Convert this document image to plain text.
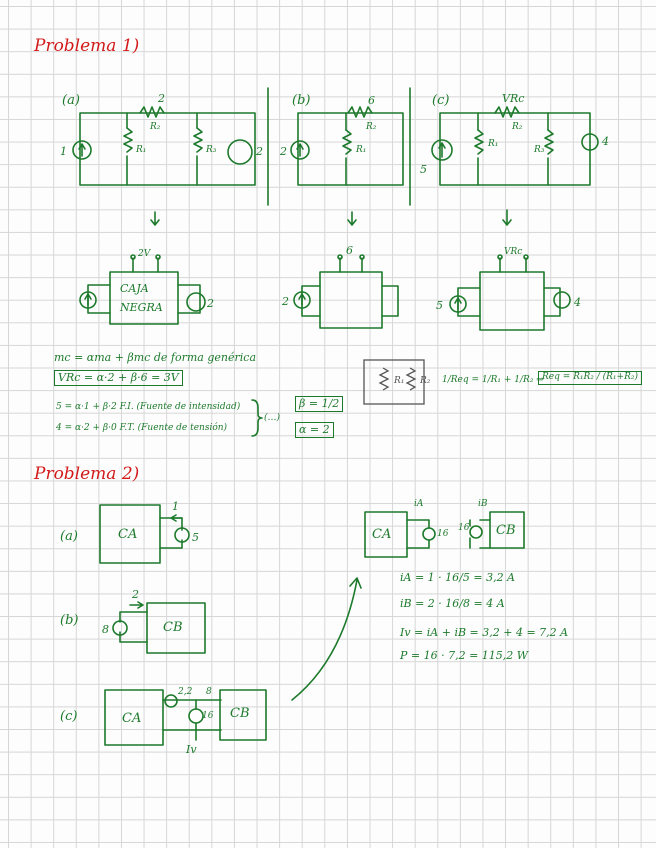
Problema 1)
(a)	2
R₂
1	R₁	R₃	2
(b)	6
R₂
2	R₁
(c)	VRc
R₂
5
R₁
R₃
4
CAJA
NEGRA
2V
2	2
6
5
VRc
4
mc = αma + βmc de forma genérica
VRc = α·2 + β·6 = 3V
5 = α·1 + β·2 F.I. (Fuente de intensidad)
4 = α·2 + β·0 F.T. (Fuente de tensión)
(…)
β = 1/2
α = 2
R₁ R₂ 1/Req = 1/R₁ + 1/R₂ ⇒
Req = R₁R₂ / (R₁+R₂)
Problema 2)
(a)	CA
1
5
(b)	CB
2
8
(c)	CA	CB
2,2 8
16
Iv
CA	CB
iA	iB
16
16
iA = 1 · 16/5 = 3,2 A
iB = 2 · 16/8 = 4 A
Iv = iA + iB = 3,2 + 4 = 7,2 A
P = 16 · 7,2 = 115,2 W
